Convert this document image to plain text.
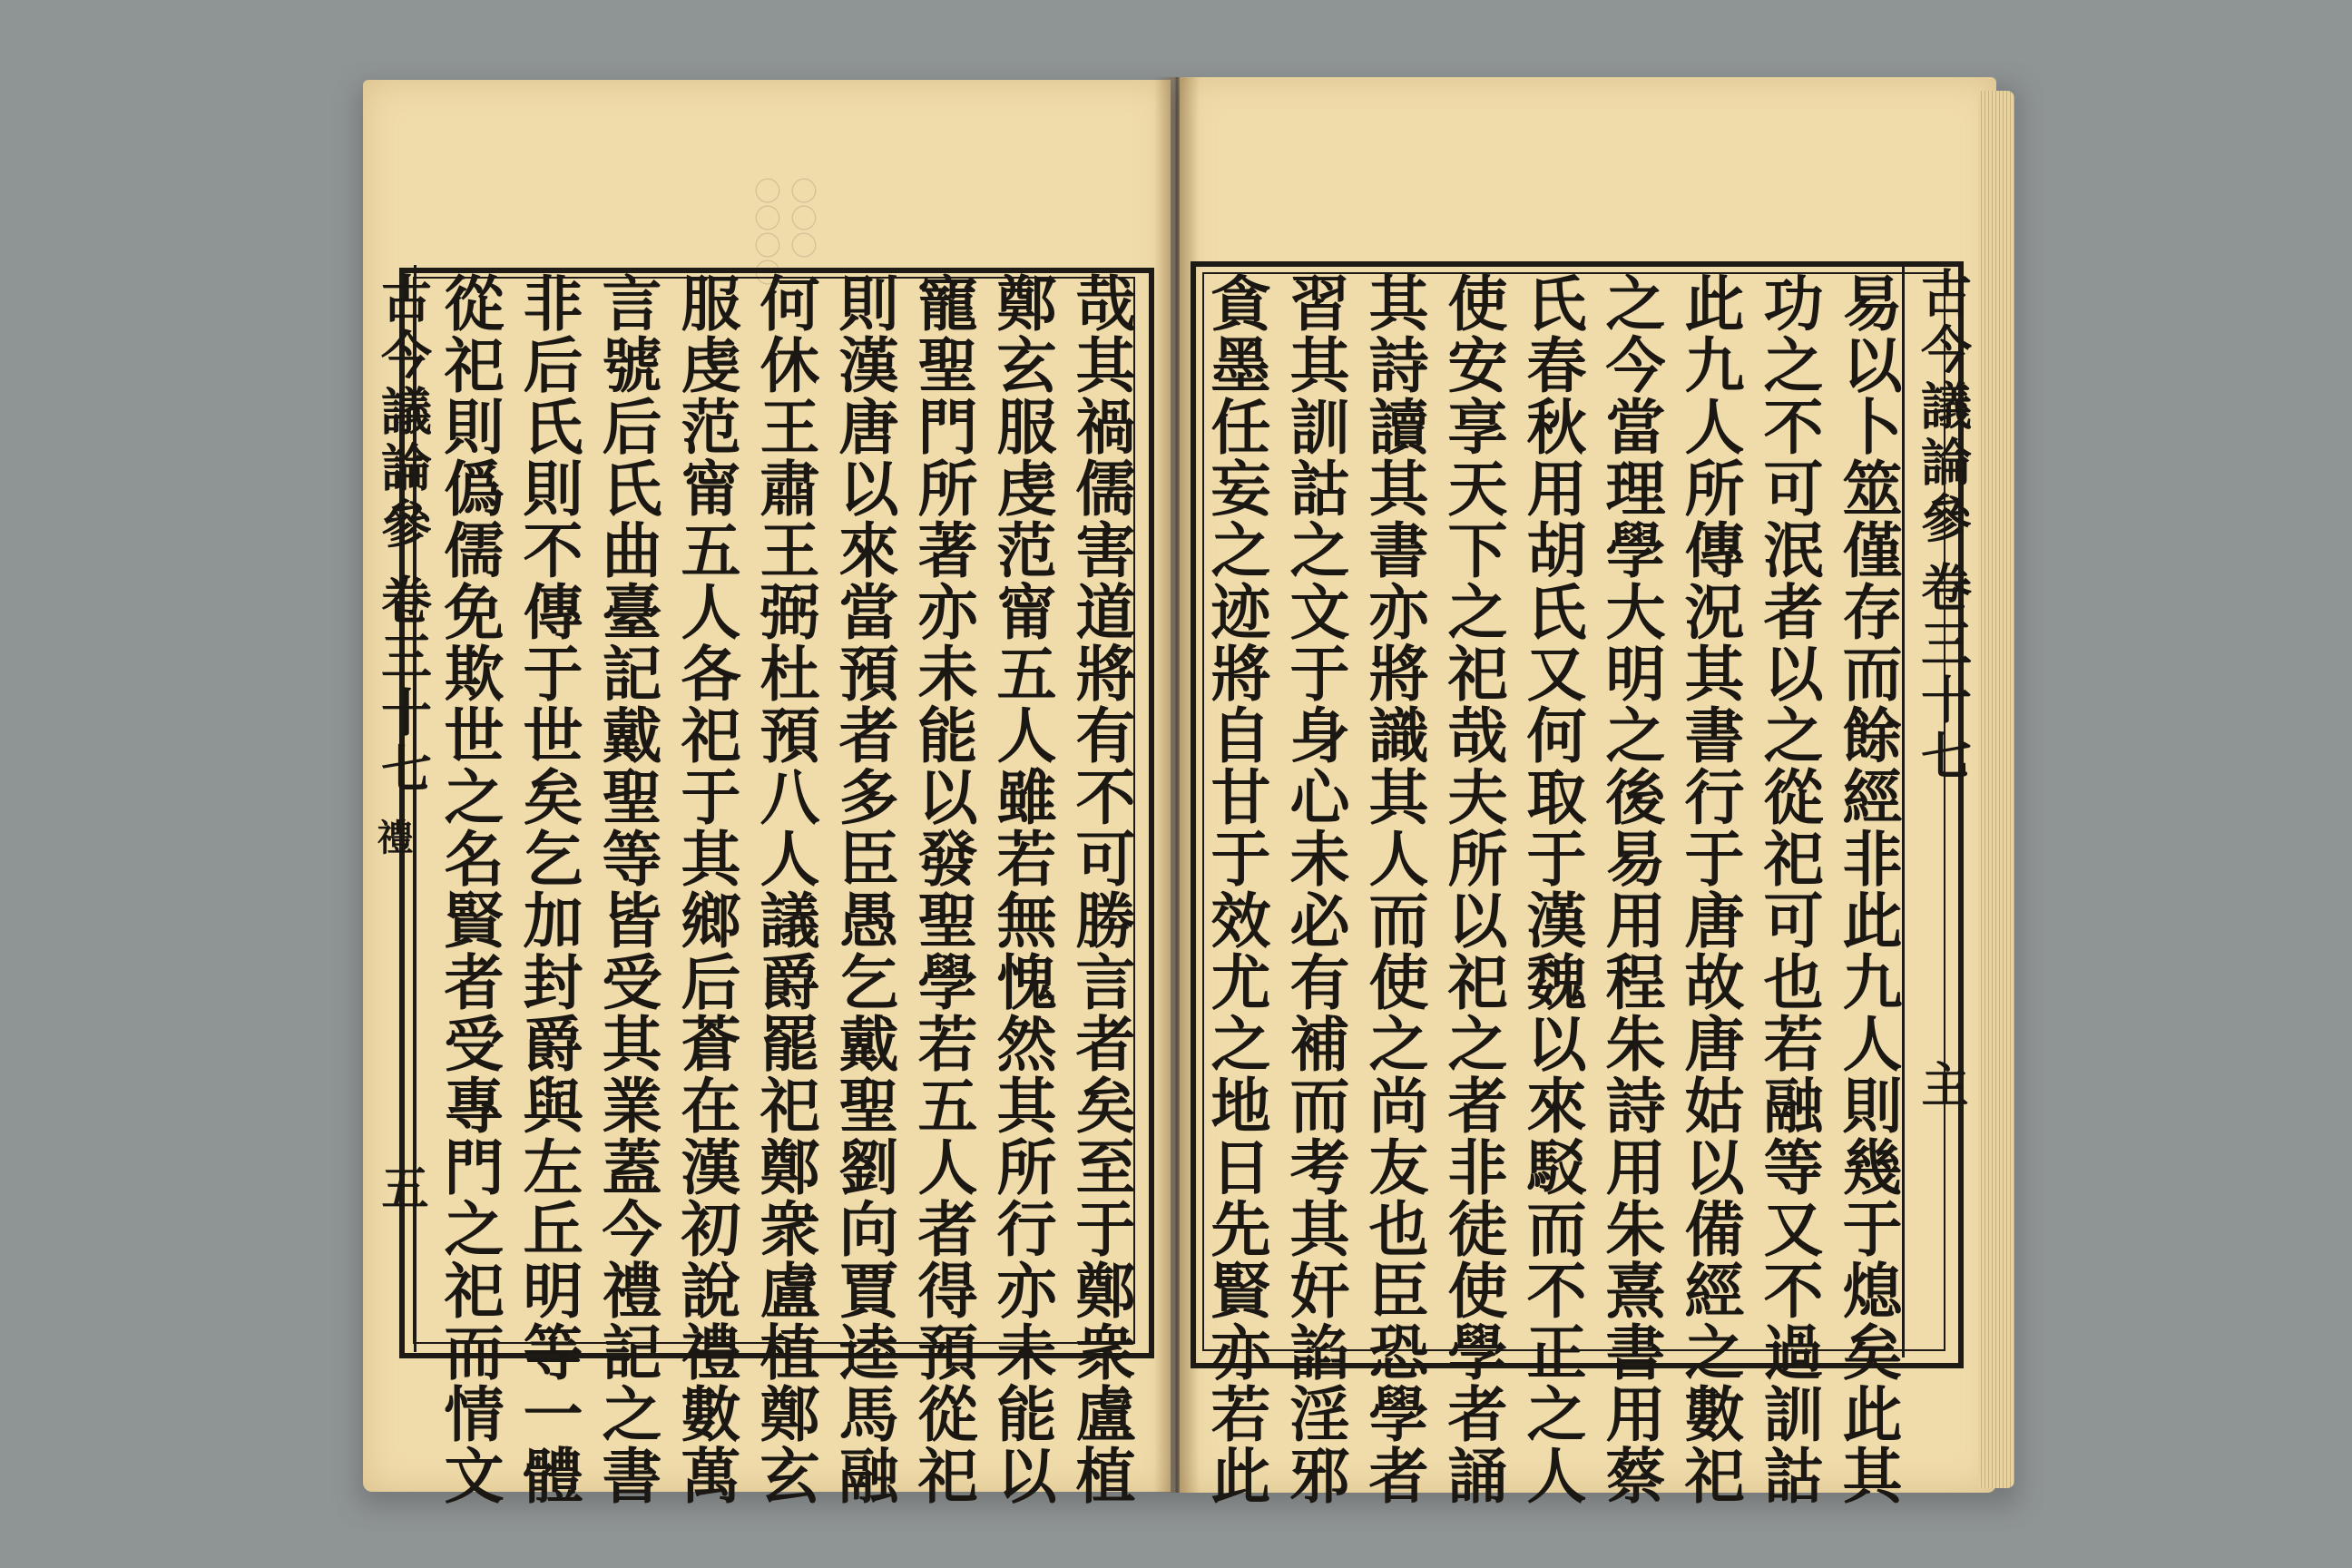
〇〇〇〇 〇〇〇
古今議論參
卷三十七
禮
五	哉其禍儒害道將有不可勝言者矣至于鄭衆盧植
鄭玄服虔范甯五人雖若無愧然其所行亦未能以
寵聖門所著亦未能以發聖學若五人者得預從祀
則漢唐以來當預者多臣愚乞戴聖劉向賈逵馬融
何休王肅王弼杜預八人議爵罷祀鄭衆盧植鄭玄
服虔范甯五人各祀于其鄉后蒼在漢初說禮數萬
言號后氏曲臺記戴聖等皆受其業蓋今禮記之書
非后氏則不傳于世矣乞加封爵與左丘明等一體
從祀則僞儒免欺世之名賢者受專門之祀而情文	古今議論參
卷三十七
主
易以卜筮僅存而餘經非此九人則幾于熄矣此其
功之不可泯者以之從祀可也若融等又不過訓詁
此九人所傳況其書行于唐故唐姑以備經之數祀
之今當理學大明之後易用程朱詩用朱熹書用蔡
氏春秋用胡氏又何取于漢魏以來駁而不正之人
使安享天下之祀哉夫所以祀之者非徒使學者誦
其詩讀其書亦將識其人而使之尚友也臣恐學者
習其訓詁之文于身心未必有補而考其奸諂淫邪
貪墨任妄之迹將自甘于效尤之地日先賢亦若此
